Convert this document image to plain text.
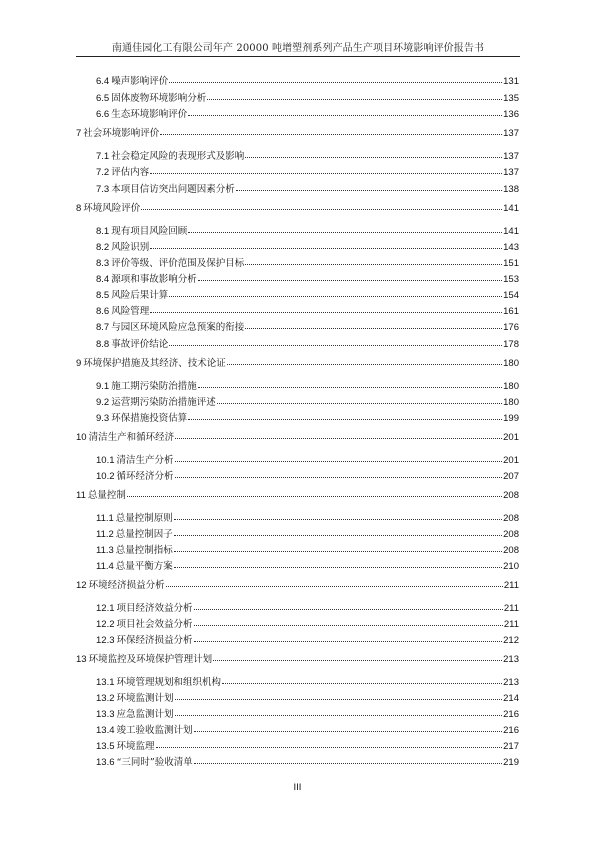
南通佳园化工有限公司年产 20000 吨增塑剂系列产品生产项目环境影响评价报告书
6.4 噪声影响评价	131
6.5 固体废物环境影响分析	135
6.6 生态环境影响评价	136
7 社会环境影响评价	137
7.1 社会稳定风险的表现形式及影响	137
7.2 评估内容	137
7.3 本项目信访突出问题因素分析	138
8 环境风险评价	141
8.1 现有项目风险回顾	141
8.2 风险识别	143
8.3 评价等级、评价范围及保护目标	151
8.4 源项和事故影响分析	153
8.5 风险后果计算	154
8.6 风险管理	161
8.7 与园区环境风险应急预案的衔接	176
8.8 事故评价结论	178
9 环境保护措施及其经济、技术论证	180
9.1 施工期污染防治措施	180
9.2 运营期污染防治措施评述	180
9.3 环保措施投资估算	199
10 清洁生产和循环经济	201
10.1 清洁生产分析	201
10.2 循环经济分析	207
11 总量控制	208
11.1 总量控制原则	208
11.2 总量控制因子	208
11.3 总量控制指标	208
11.4 总量平衡方案	210
12 环境经济损益分析	211
12.1 项目经济效益分析	211
12.2 项目社会效益分析	211
12.3 环保经济损益分析	212
13 环境监控及环境保护管理计划	213
13.1 环境管理规划和组织机构	213
13.2 环境监测计划	214
13.3 应急监测计划	216
13.4 竣工验收监测计划	216
13.5 环境监理	217
13.6 “三同时”验收清单	219
III
